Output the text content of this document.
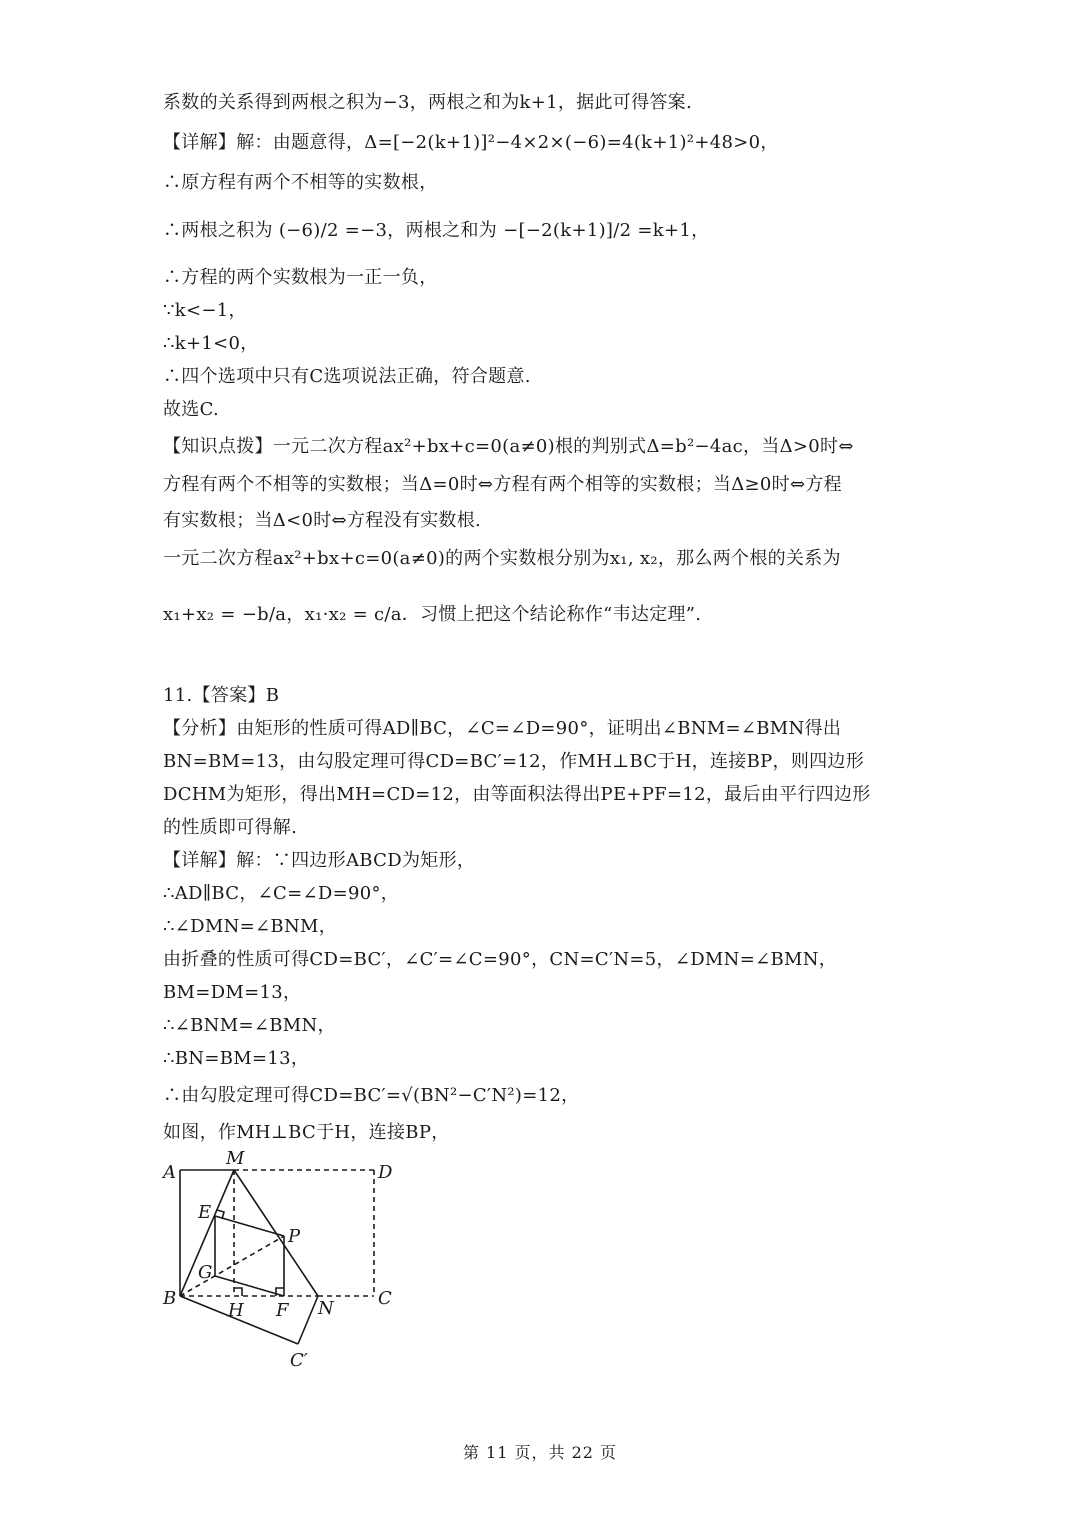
系数的关系得到两根之积为−3，两根之和为k+1，据此可得答案.
【详解】解：由题意得，Δ=[−2(k+1)]²−4×2×(−6)=4(k+1)²+48>0，
∴原方程有两个不相等的实数根，
∴两根之积为 (−6)/2 =−3，两根之和为 −[−2(k+1)]/2 =k+1，
∴方程的两个实数根为一正一负，
∵k<−1，
∴k+1<0，
∴四个选项中只有C选项说法正确，符合题意.
故选C.
【知识点拨】一元二次方程ax²+bx+c=0(a≠0)根的判别式Δ=b²−4ac，当Δ>0时⇔
方程有两个不相等的实数根；当Δ=0时⇔方程有两个相等的实数根；当Δ≥0时⇔方程
有实数根；当Δ<0时⇔方程没有实数根.
一元二次方程ax²+bx+c=0(a≠0)的两个实数根分别为x₁, x₂，那么两个根的关系为
x₁+x₂ = −b/a，x₁·x₂ = c/a．习惯上把这个结论称作“韦达定理”.
11.【答案】B
【分析】由矩形的性质可得AD∥BC，∠C=∠D=90°，证明出∠BNM=∠BMN得出
BN=BM=13，由勾股定理可得CD=BC′=12，作MH⊥BC于H，连接BP，则四边形
DCHM为矩形，得出MH=CD=12，由等面积法得出PE+PF=12，最后由平行四边形
的性质即可得解.
【详解】解：∵四边形ABCD为矩形，
∴AD∥BC，∠C=∠D=90°，
∴∠DMN=∠BNM，
由折叠的性质可得CD=BC′，∠C′=∠C=90°，CN=C′N=5，∠DMN=∠BMN，
BM=DM=13，
∴∠BNM=∠BMN，
∴BN=BM=13，
∴由勾股定理可得CD=BC′=√(BN²−C′N²)=12，
如图，作MH⊥BC于H，连接BP，
A
M
D
E
P
G
B
H F N C
C′
第 11 页，共 22 页
